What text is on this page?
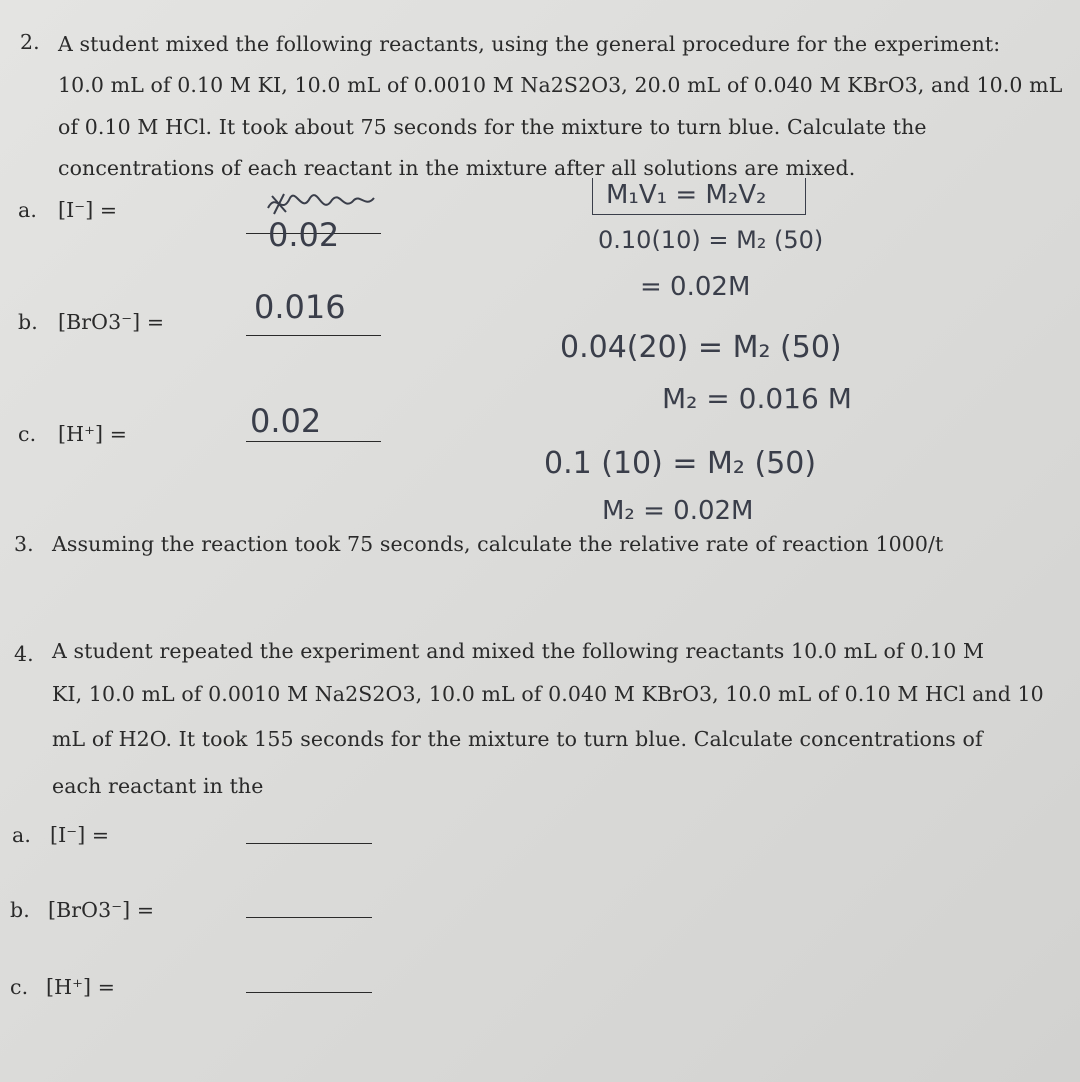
2. A student mixed the following reactants, using the general procedure for the experiment:
10.0 mL of 0.10 M KI, 10.0 mL of 0.0010 M Na2S2O3, 20.0 mL of 0.040 M KBrO3, and 10.0 mL
of 0.10 M HCl. It took about 75 seconds for the mixture to turn blue. Calculate the
concentrations of each reactant in the mixture after all solutions are mixed.
a. [I⁻] =
b. [BrO3⁻] =
c. [H⁺] =
0.02
0.016
0.02
M₁V₁ = M₂V₂
0.10(10) = M₂ (50)
= 0.02M
0.04(20) = M₂ (50)
M₂ = 0.016 M
0.1 (10) = M₂ (50)
M₂ = 0.02M
3. Assuming the reaction took 75 seconds, calculate the relative rate of reaction 1000/t
4. A student repeated the experiment and mixed the following reactants 10.0 mL of 0.10 M
KI, 10.0 mL of 0.0010 M Na2S2O3, 10.0 mL of 0.040 M KBrO3, 10.0 mL of 0.10 M HCl and 10
mL of H2O. It took 155 seconds for the mixture to turn blue. Calculate concentrations of
each reactant in the
a. [I⁻] =
b. [BrO3⁻] =
c. [H⁺] =
